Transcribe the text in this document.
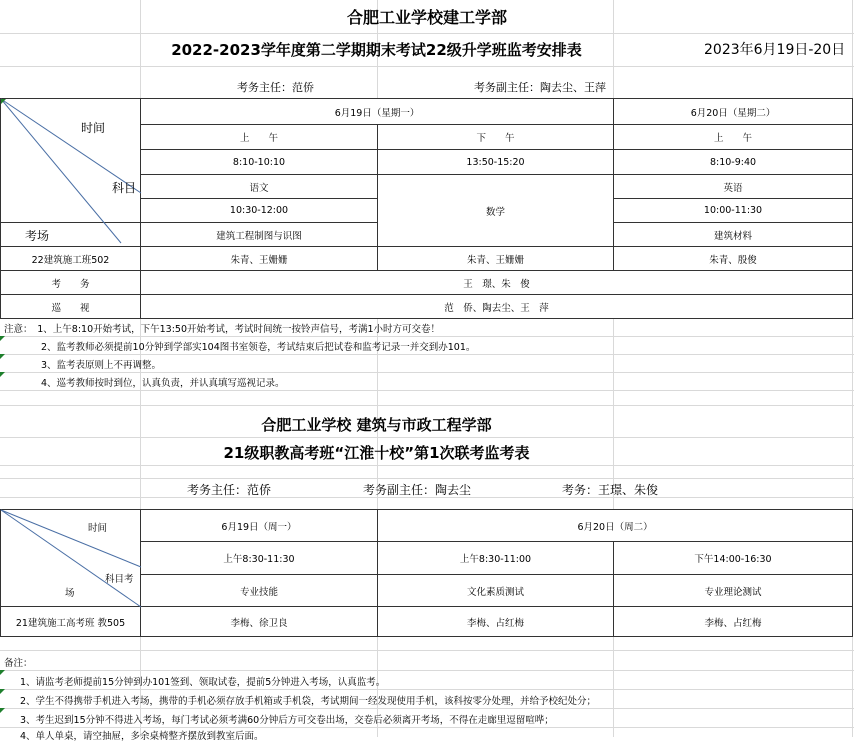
合肥工业学校建工学部
2022-2023学年度第二学期期末考试22级升学班监考安排表	2023年6月19日-20日
考务主任：范侨	考务副主任：陶去尘、王萍
时间
科目
考场	6月19日（星期一）		6月20日（星期二）
	上　　午	下　　午	上　　午
	8:10-10:10	13:50-15:20	8:10-9:40
	语文	数学	英语
	10:30-12:00		10:00-11:30
	建筑工程制图与识图		建筑材料
22建筑施工班502	朱青、王姗姗	朱青、王姗姗	朱青、殷俊
考　　务	王　璟、朱　俊		
巡　　视	范　侨、陶去尘、王　萍		
注意：　1、上午8:10开始考试，下午13:50开始考试，考试时间统一按铃声信号，考满1小时方可交卷！
2、监考教师必须提前10分钟到学部实104图书室领卷，考试结束后把试卷和监考记录一并交到办101。
3、监考表原则上不再调整。
4、巡考教师按时到位，认真负责，并认真填写巡视记录。
合肥工业学校 建筑与市政工程学部
21级职教高考班“江淮十校”第1次联考监考表
考务主任：范侨	考务副主任：陶去尘	考务：王璟、朱俊
时间
科目考
场	6月19日（周一）	6月20日（周二）	
	上午8:30-11:30	上午8:30-11:00	下午14:00-16:30
	专业技能	文化素质测试	专业理论测试
21建筑施工高考班 教505	李梅、徐卫良	李梅、占红梅	李梅、占红梅
备注：
1、请监考老师提前15分钟到办101签到、领取试卷，提前5分钟进入考场，认真监考。
2、学生不得携带手机进入考场，携带的手机必须存放手机箱或手机袋，考试期间一经发现使用手机，该科按零分处理，并给予校纪处分；
3、考生迟到15分钟不得进入考场，每门考试必须考满60分钟后方可交卷出场，交卷后必须离开考场，不得在走廊里逗留喧哗；
4、单人单桌，请空抽屉，多余桌椅整齐摆放到教室后面。
